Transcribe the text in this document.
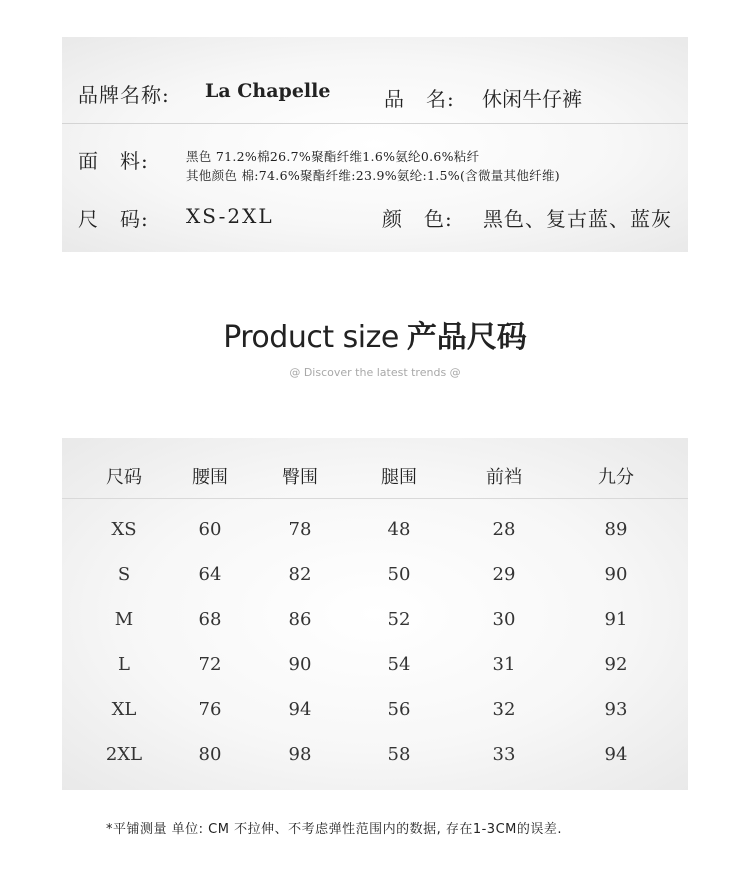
品牌名称: La Chapelle	品　名: 休闲牛仔裤
面　料:	黑色 71.2%棉26.7%聚酯纤维1.6%氨纶0.6%粘纤
其他颜色 棉:74.6%聚酯纤维:23.9%氨纶:1.5%(含微量其他纤维)
尺　码: XS-2XL	颜　色: 黑色、复古蓝、蓝灰
Product size 产品尺码
@ Discover the latest trends @
尺码	腰围	臀围	腿围	前裆	九分
XS	60	78	48	28	89
S	64	82	50	29	90
M	68	86	52	30	91
L	72	90	54	31	92
XL	76	94	56	32	93
2XL	80	98	58	33	94
*平铺测量 单位: CM 不拉伸、不考虑弹性范围内的数据, 存在1-3CM的误差.
